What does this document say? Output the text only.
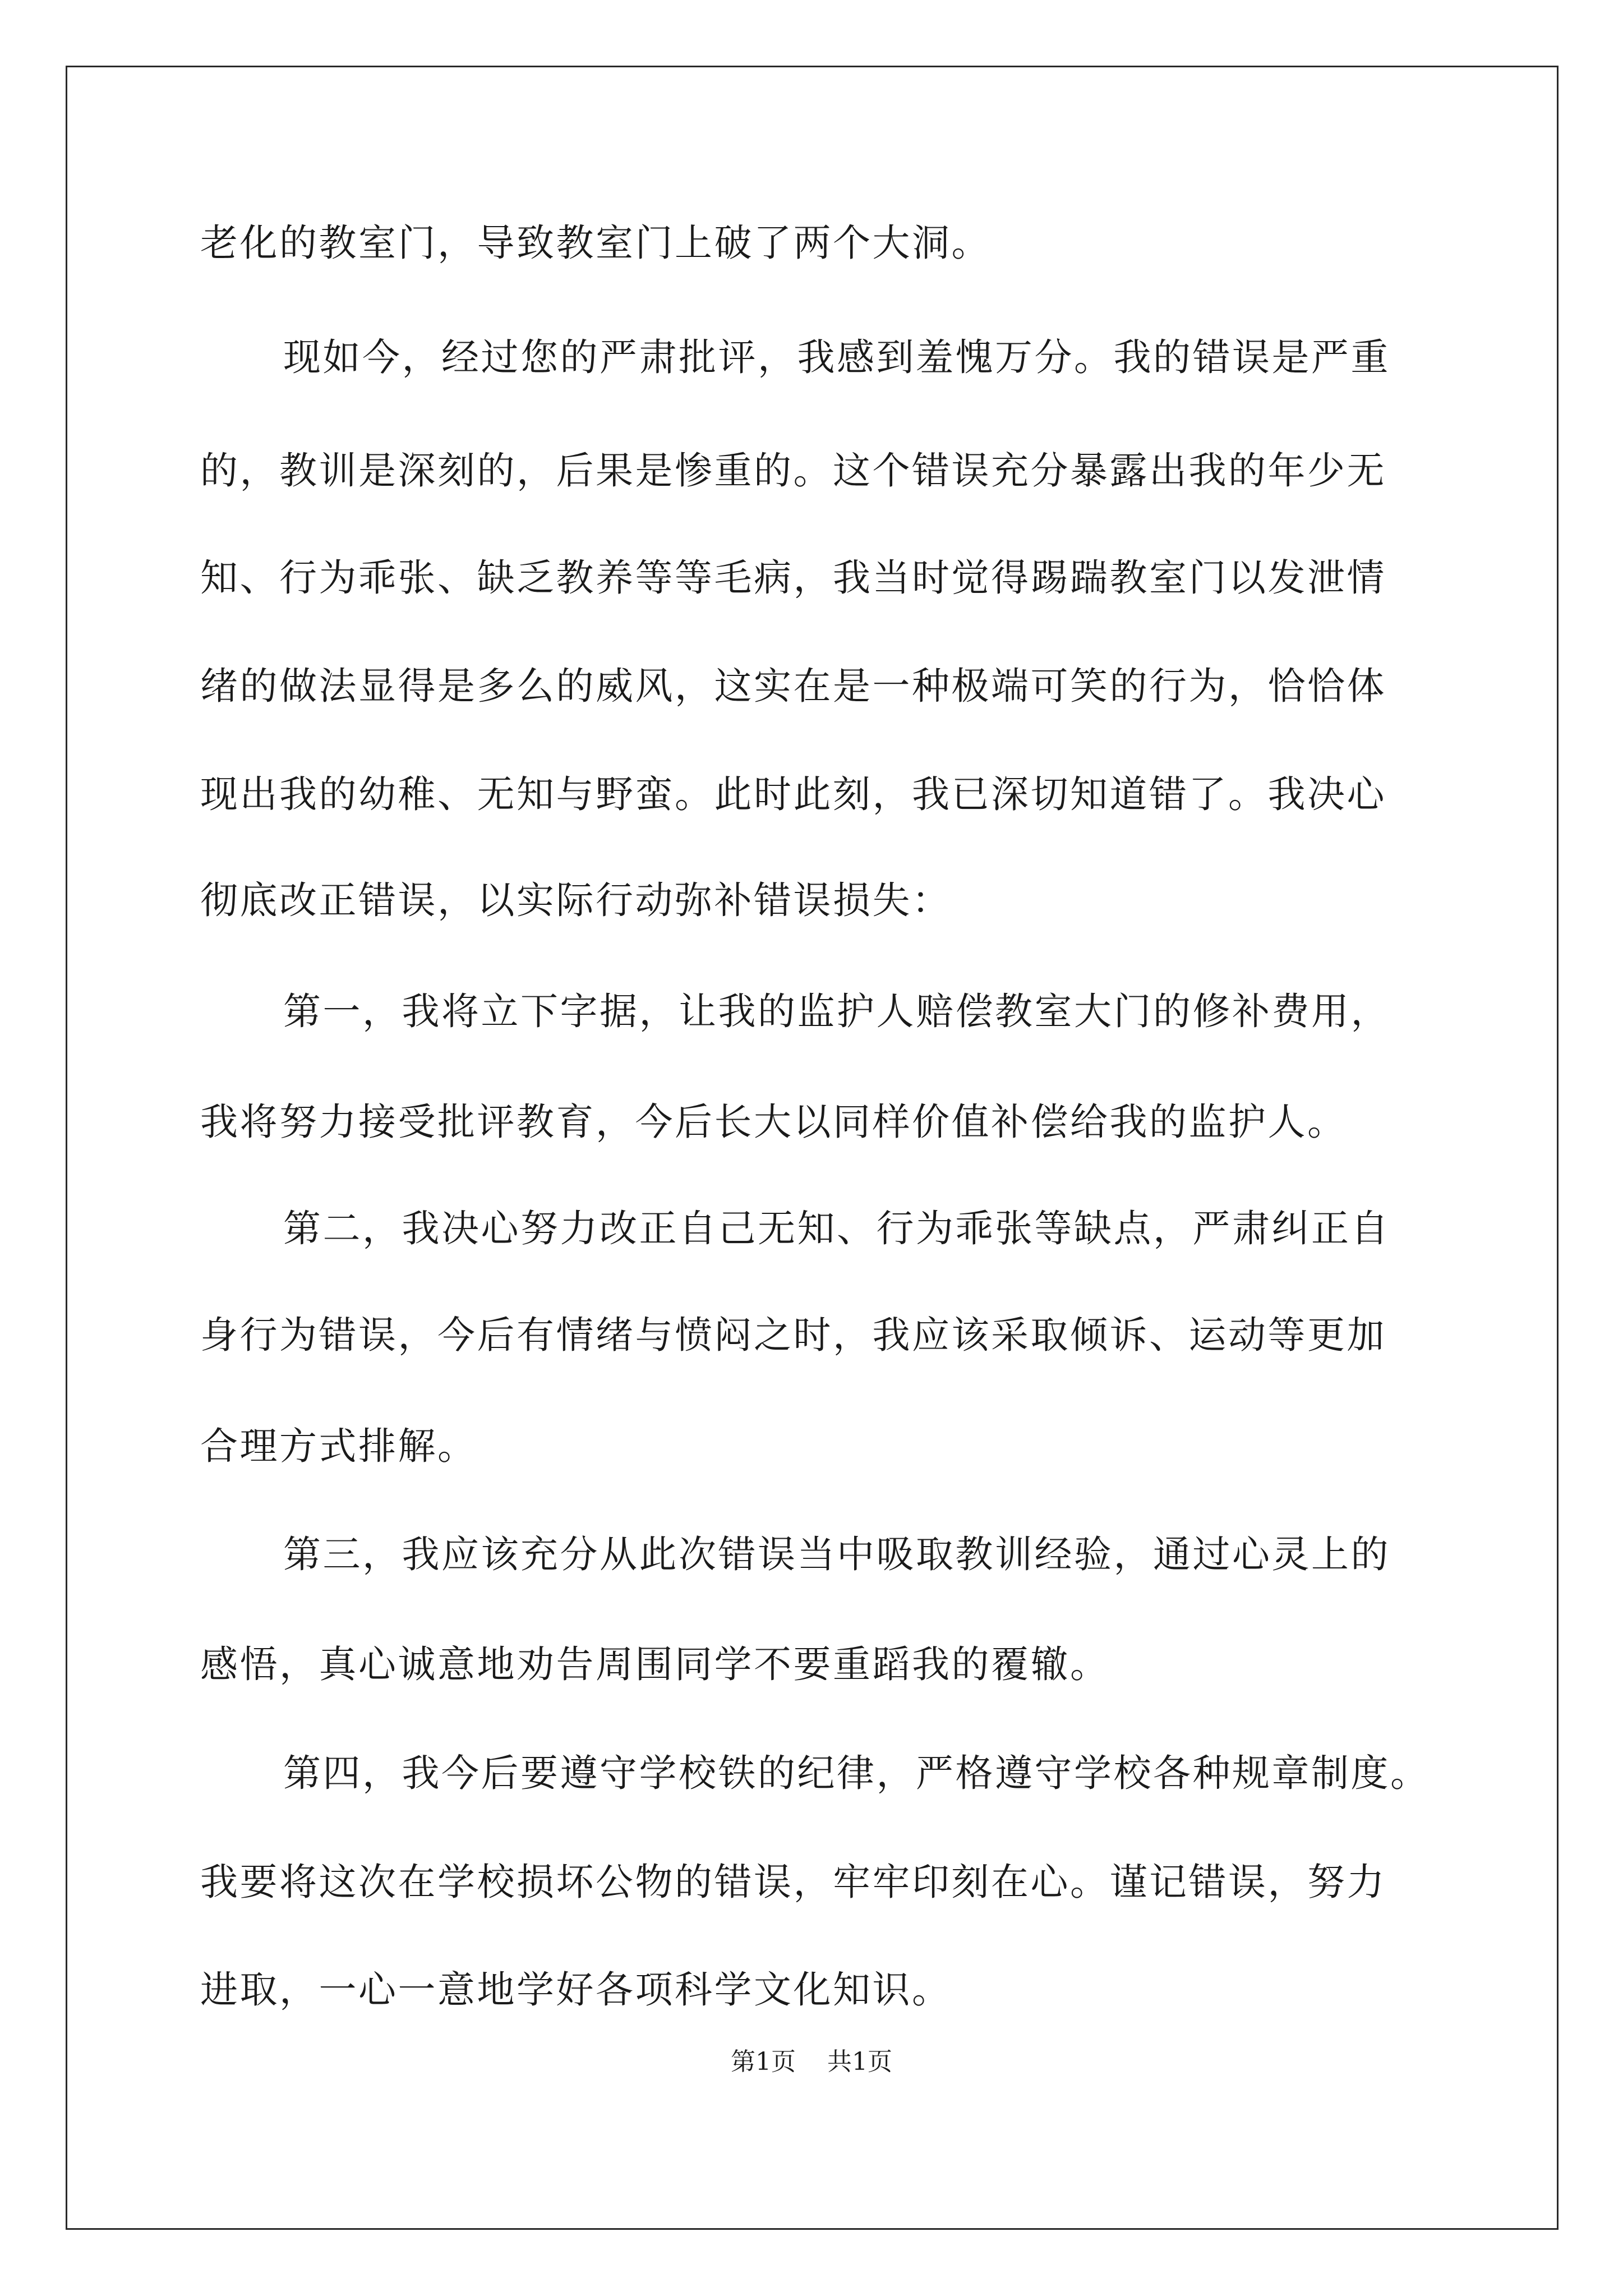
老化的教室门，导致教室门上破了两个大洞。
现如今，经过您的严肃批评，我感到羞愧万分。我的错误是严重
的，教训是深刻的，后果是惨重的。这个错误充分暴露出我的年少无
知、行为乖张、缺乏教养等等毛病，我当时觉得踢踹教室门以发泄情
绪的做法显得是多么的威风，这实在是一种极端可笑的行为，恰恰体
现出我的幼稚、无知与野蛮。此时此刻，我已深切知道错了。我决心
彻底改正错误，以实际行动弥补错误损失：
第一，我将立下字据，让我的监护人赔偿教室大门的修补费用，
我将努力接受批评教育，今后长大以同样价值补偿给我的监护人。
第二，我决心努力改正自己无知、行为乖张等缺点，严肃纠正自
身行为错误，今后有情绪与愤闷之时，我应该采取倾诉、运动等更加
合理方式排解。
第三，我应该充分从此次错误当中吸取教训经验，通过心灵上的
感悟，真心诚意地劝告周围同学不要重蹈我的覆辙。
第四，我今后要遵守学校铁的纪律，严格遵守学校各种规章制度。
我要将这次在学校损坏公物的错误，牢牢印刻在心。谨记错误，努力
进取，一心一意地学好各项科学文化知识。
第1页 共1页
